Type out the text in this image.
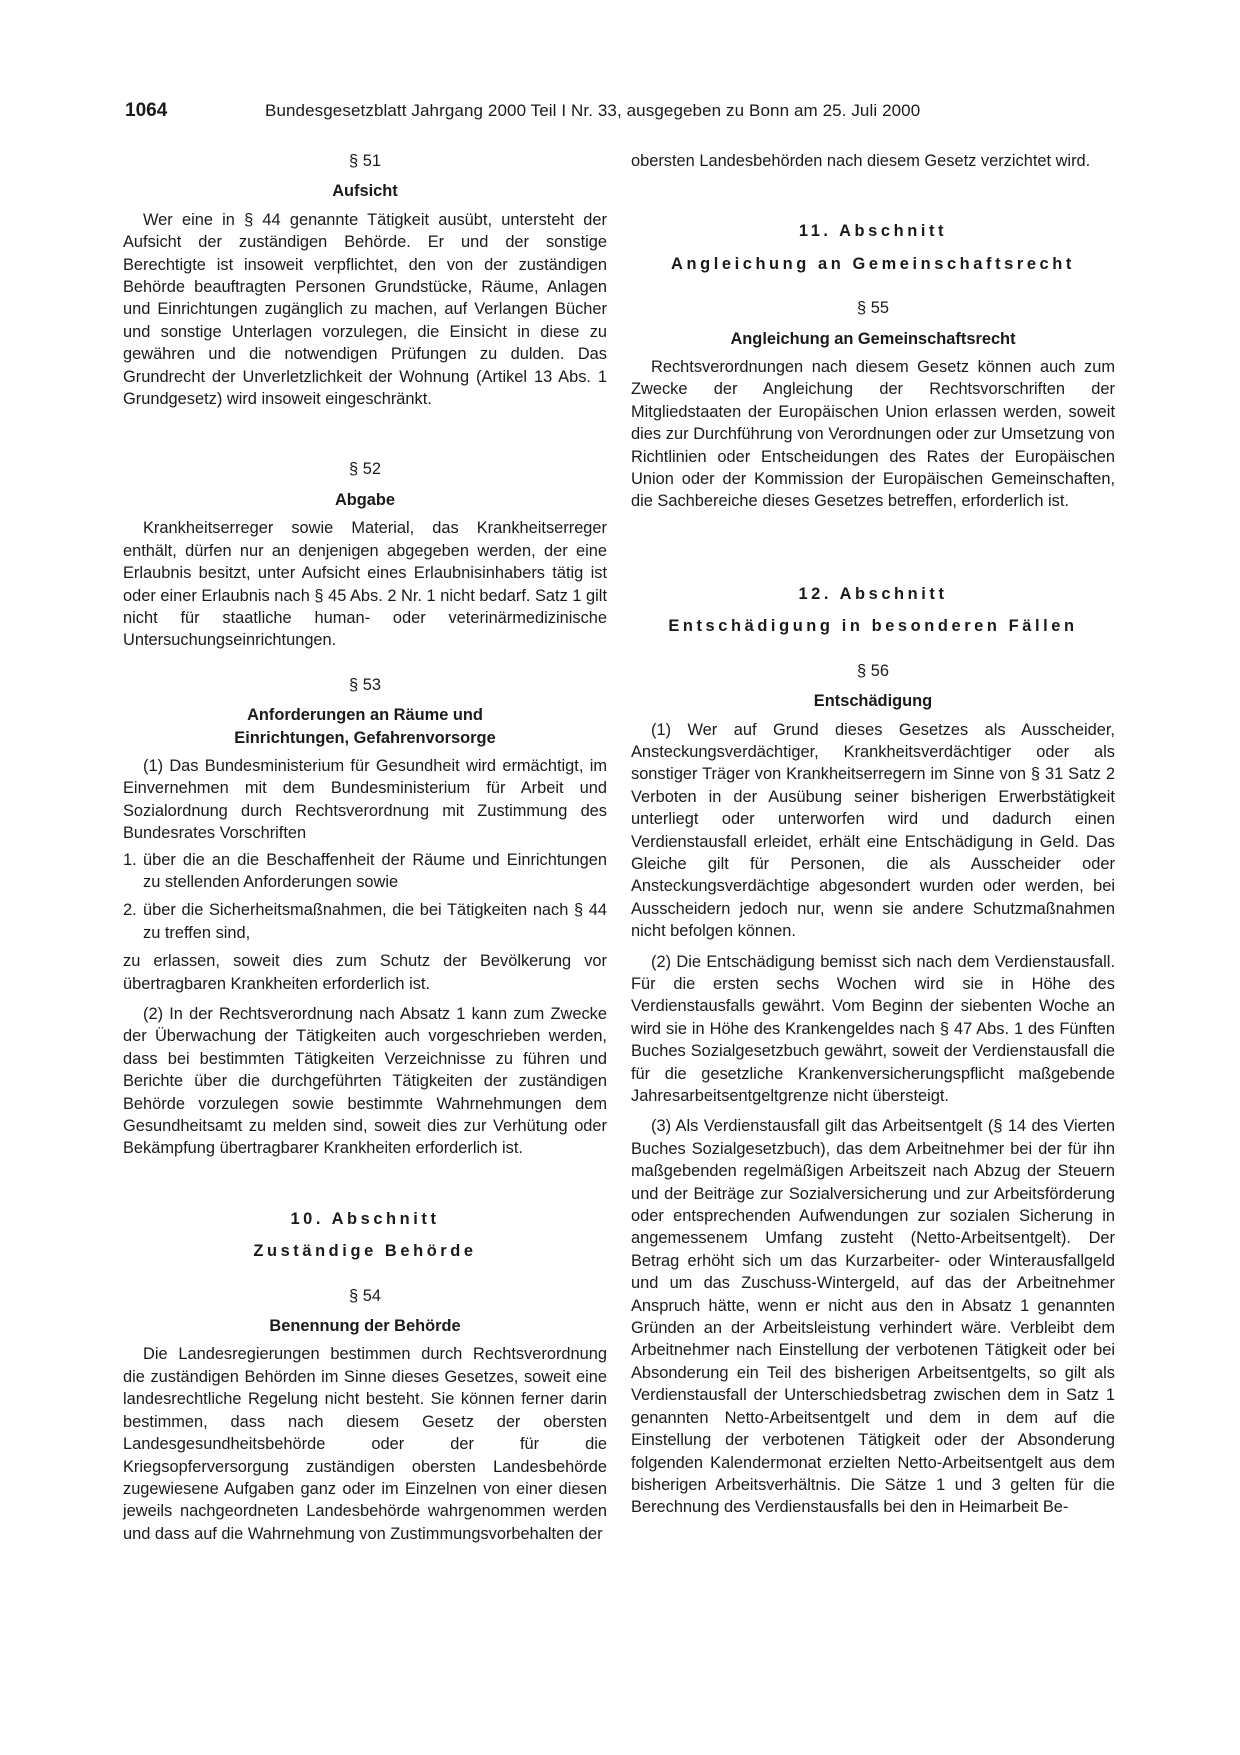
1064	Bundesgesetzblatt Jahrgang 2000 Teil I Nr. 33, ausgegeben zu Bonn am 25. Juli 2000

§ 51

Aufsicht

Wer eine in § 44 genannte Tätigkeit ausübt, untersteht der Aufsicht der zuständigen Behörde. Er und der sonstige Berechtigte ist insoweit verpflichtet, den von der zuständigen Behörde beauftragten Personen Grundstücke, Räume, Anlagen und Einrichtungen zugänglich zu machen, auf Verlangen Bücher und sonstige Unterlagen vorzulegen, die Einsicht in diese zu gewähren und die notwendigen Prüfungen zu dulden. Das Grundrecht der Unverletzlichkeit der Wohnung (Artikel 13 Abs. 1 Grundgesetz) wird insoweit eingeschränkt.

§ 52

Abgabe

Krankheitserreger sowie Material, das Krankheitserreger enthält, dürfen nur an denjenigen abgegeben werden, der eine Erlaubnis besitzt, unter Aufsicht eines Erlaubnisinhabers tätig ist oder einer Erlaubnis nach § 45 Abs. 2 Nr. 1 nicht bedarf. Satz 1 gilt nicht für staatliche human- oder veterinärmedizinische Untersuchungseinrichtungen.

§ 53

Anforderungen an Räume und

Einrichtungen, Gefahrenvorsorge

(1) Das Bundesministerium für Gesundheit wird ermächtigt, im Einvernehmen mit dem Bundesministerium für Arbeit und Sozialordnung durch Rechtsverordnung mit Zustimmung des Bundesrates Vorschriften

1. über die an die Beschaffenheit der Räume und Einrichtungen zu stellenden Anforderungen sowie
2. über die Sicherheitsmaßnahmen, die bei Tätigkeiten nach § 44 zu treffen sind,

zu erlassen, soweit dies zum Schutz der Bevölkerung vor übertragbaren Krankheiten erforderlich ist.

(2) In der Rechtsverordnung nach Absatz 1 kann zum Zwecke der Überwachung der Tätigkeiten auch vorgeschrieben werden, dass bei bestimmten Tätigkeiten Verzeichnisse zu führen und Berichte über die durchgeführten Tätigkeiten der zuständigen Behörde vorzulegen sowie bestimmte Wahrnehmungen dem Gesundheitsamt zu melden sind, soweit dies zur Verhütung oder Bekämpfung übertragbarer Krankheiten erforderlich ist.

10. Abschnitt

Zuständige Behörde

§ 54

Benennung der Behörde

Die Landesregierungen bestimmen durch Rechtsverordnung die zuständigen Behörden im Sinne dieses Gesetzes, soweit eine landesrechtliche Regelung nicht besteht. Sie können ferner darin bestimmen, dass nach diesem Gesetz der obersten Landesgesundheitsbehörde oder der für die Kriegsopferversorgung zuständigen obersten Landesbehörde zugewiesene Aufgaben ganz oder im Einzelnen von einer diesen jeweils nachgeordneten Landesbehörde wahrgenommen werden und dass auf die Wahrnehmung von Zustimmungsvorbehalten der

obersten Landesbehörden nach diesem Gesetz verzichtet wird.

11. Abschnitt

Angleichung an Gemeinschaftsrecht

§ 55

Angleichung an Gemeinschaftsrecht

Rechtsverordnungen nach diesem Gesetz können auch zum Zwecke der Angleichung der Rechtsvorschriften der Mitgliedstaaten der Europäischen Union erlassen werden, soweit dies zur Durchführung von Verordnungen oder zur Umsetzung von Richtlinien oder Entscheidungen des Rates der Europäischen Union oder der Kommission der Europäischen Gemeinschaften, die Sachbereiche dieses Gesetzes betreffen, erforderlich ist.

12. Abschnitt

Entschädigung in besonderen Fällen

§ 56

Entschädigung

(1) Wer auf Grund dieses Gesetzes als Ausscheider, Ansteckungsverdächtiger, Krankheitsverdächtiger oder als sonstiger Träger von Krankheitserregern im Sinne von § 31 Satz 2 Verboten in der Ausübung seiner bisherigen Erwerbstätigkeit unterliegt oder unterworfen wird und dadurch einen Verdienstausfall erleidet, erhält eine Entschädigung in Geld. Das Gleiche gilt für Personen, die als Ausscheider oder Ansteckungsverdächtige abgesondert wurden oder werden, bei Ausscheidern jedoch nur, wenn sie andere Schutzmaßnahmen nicht befolgen können.

(2) Die Entschädigung bemisst sich nach dem Verdienstausfall. Für die ersten sechs Wochen wird sie in Höhe des Verdienstausfalls gewährt. Vom Beginn der siebenten Woche an wird sie in Höhe des Krankengeldes nach § 47 Abs. 1 des Fünften Buches Sozialgesetzbuch gewährt, soweit der Verdienstausfall die für die gesetzliche Krankenversicherungspflicht maßgebende Jahresarbeitsentgeltgrenze nicht übersteigt.

(3) Als Verdienstausfall gilt das Arbeitsentgelt (§ 14 des Vierten Buches Sozialgesetzbuch), das dem Arbeitnehmer bei der für ihn maßgebenden regelmäßigen Arbeitszeit nach Abzug der Steuern und der Beiträge zur Sozialversicherung und zur Arbeitsförderung oder entsprechenden Aufwendungen zur sozialen Sicherung in angemessenem Umfang zusteht (Netto-Arbeitsentgelt). Der Betrag erhöht sich um das Kurzarbeiter- oder Winterausfallgeld und um das Zuschuss-Wintergeld, auf das der Arbeitnehmer Anspruch hätte, wenn er nicht aus den in Absatz 1 genannten Gründen an der Arbeitsleistung verhindert wäre. Verbleibt dem Arbeitnehmer nach Einstellung der verbotenen Tätigkeit oder bei Absonderung ein Teil des bisherigen Arbeitsentgelts, so gilt als Verdienstausfall der Unterschiedsbetrag zwischen dem in Satz 1 genannten Netto-Arbeitsentgelt und dem in dem auf die Einstellung der verbotenen Tätigkeit oder der Absonderung folgenden Kalendermonat erzielten Netto-Arbeitsentgelt aus dem bisherigen Arbeitsverhältnis. Die Sätze 1 und 3 gelten für die Berechnung des Verdienstausfalls bei den in Heimarbeit Be-
